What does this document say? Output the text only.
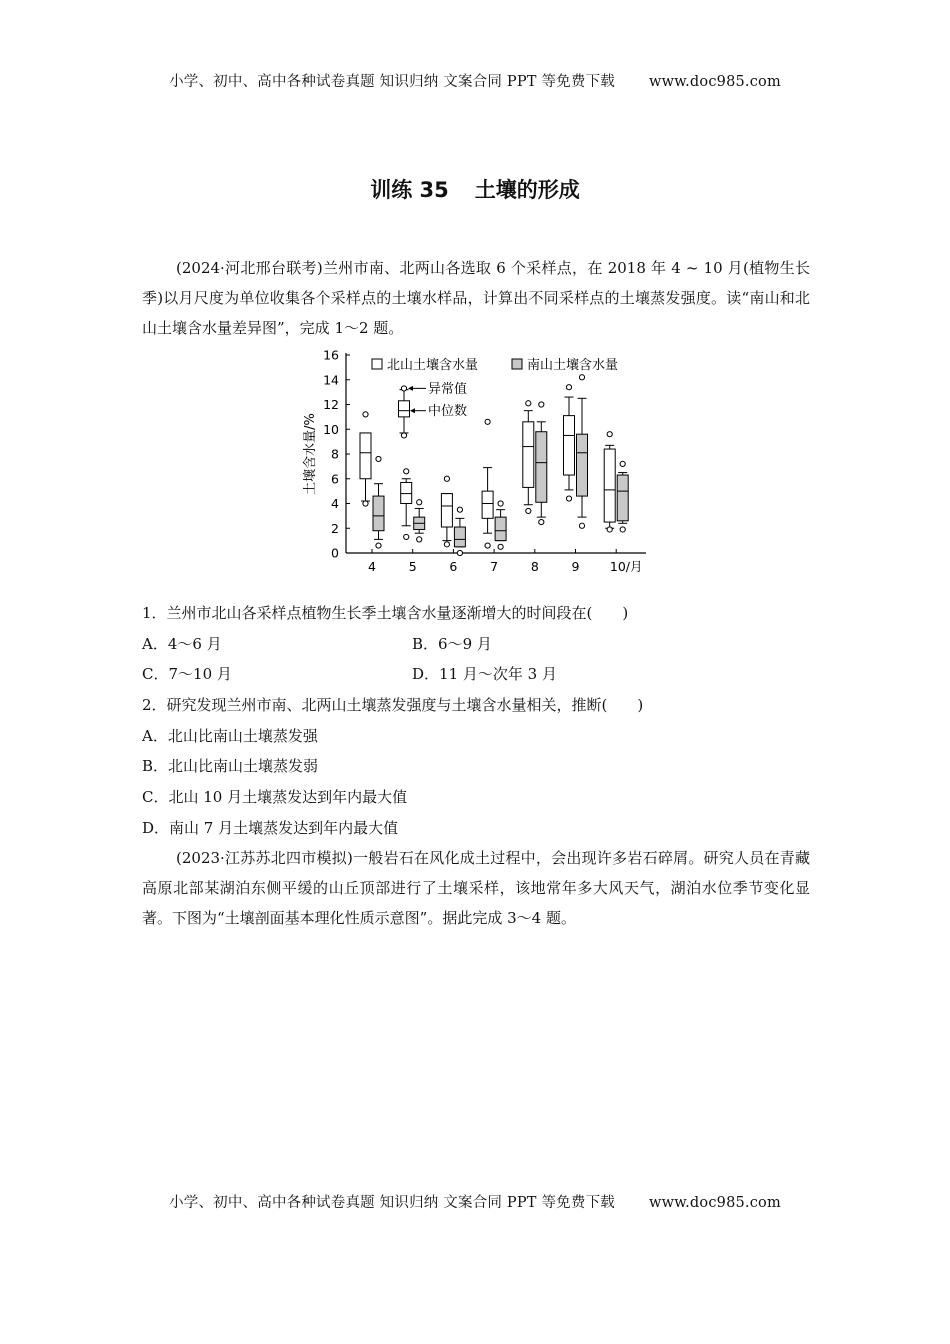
小学、初中、高中各种试卷真题 知识归纳 文案合同 PPT 等免费下载 www.doc985.com
训练 35 土壤的形成

(2024·河北邢台联考)兰州市南、北两山各选取 6 个采样点，在 2018 年 4 ~ 10 月(植物生长季)以月尺度为单位收集各个采样点的土壤水样品，计算出不同采样点的土壤蒸发强度。读“南山和北山土壤含水量差异图”，完成 1～2 题。

0
2
4
6
8
10
12
14
16
土壤含水量/%
4	5	6	7	8	9 10/月
异常值
中位数
北山土壤含水量	南山土壤含水量
1．兰州市北山各采样点植物生长季土壤含水量逐渐增大的时间段在(　　)
A．4～6 月	B．6～9 月
C．7～10 月	D．11 月～次年 3 月
2．研究发现兰州市南、北两山土壤蒸发强度与土壤含水量相关，推断(　　)
A．北山比南山土壤蒸发强
B．北山比南山土壤蒸发弱
C．北山 10 月土壤蒸发达到年内最大值
D．南山 7 月土壤蒸发达到年内最大值

(2023·江苏苏北四市模拟)一般岩石在风化成土过程中，会出现许多岩石碎屑。研究人员在青藏高原北部某湖泊东侧平缓的山丘顶部进行了土壤采样，该地常年多大风天气，湖泊水位季节变化显著。下图为“土壤剖面基本理化性质示意图”。据此完成 3～4 题。

小学、初中、高中各种试卷真题 知识归纳 文案合同 PPT 等免费下载 www.doc985.com
